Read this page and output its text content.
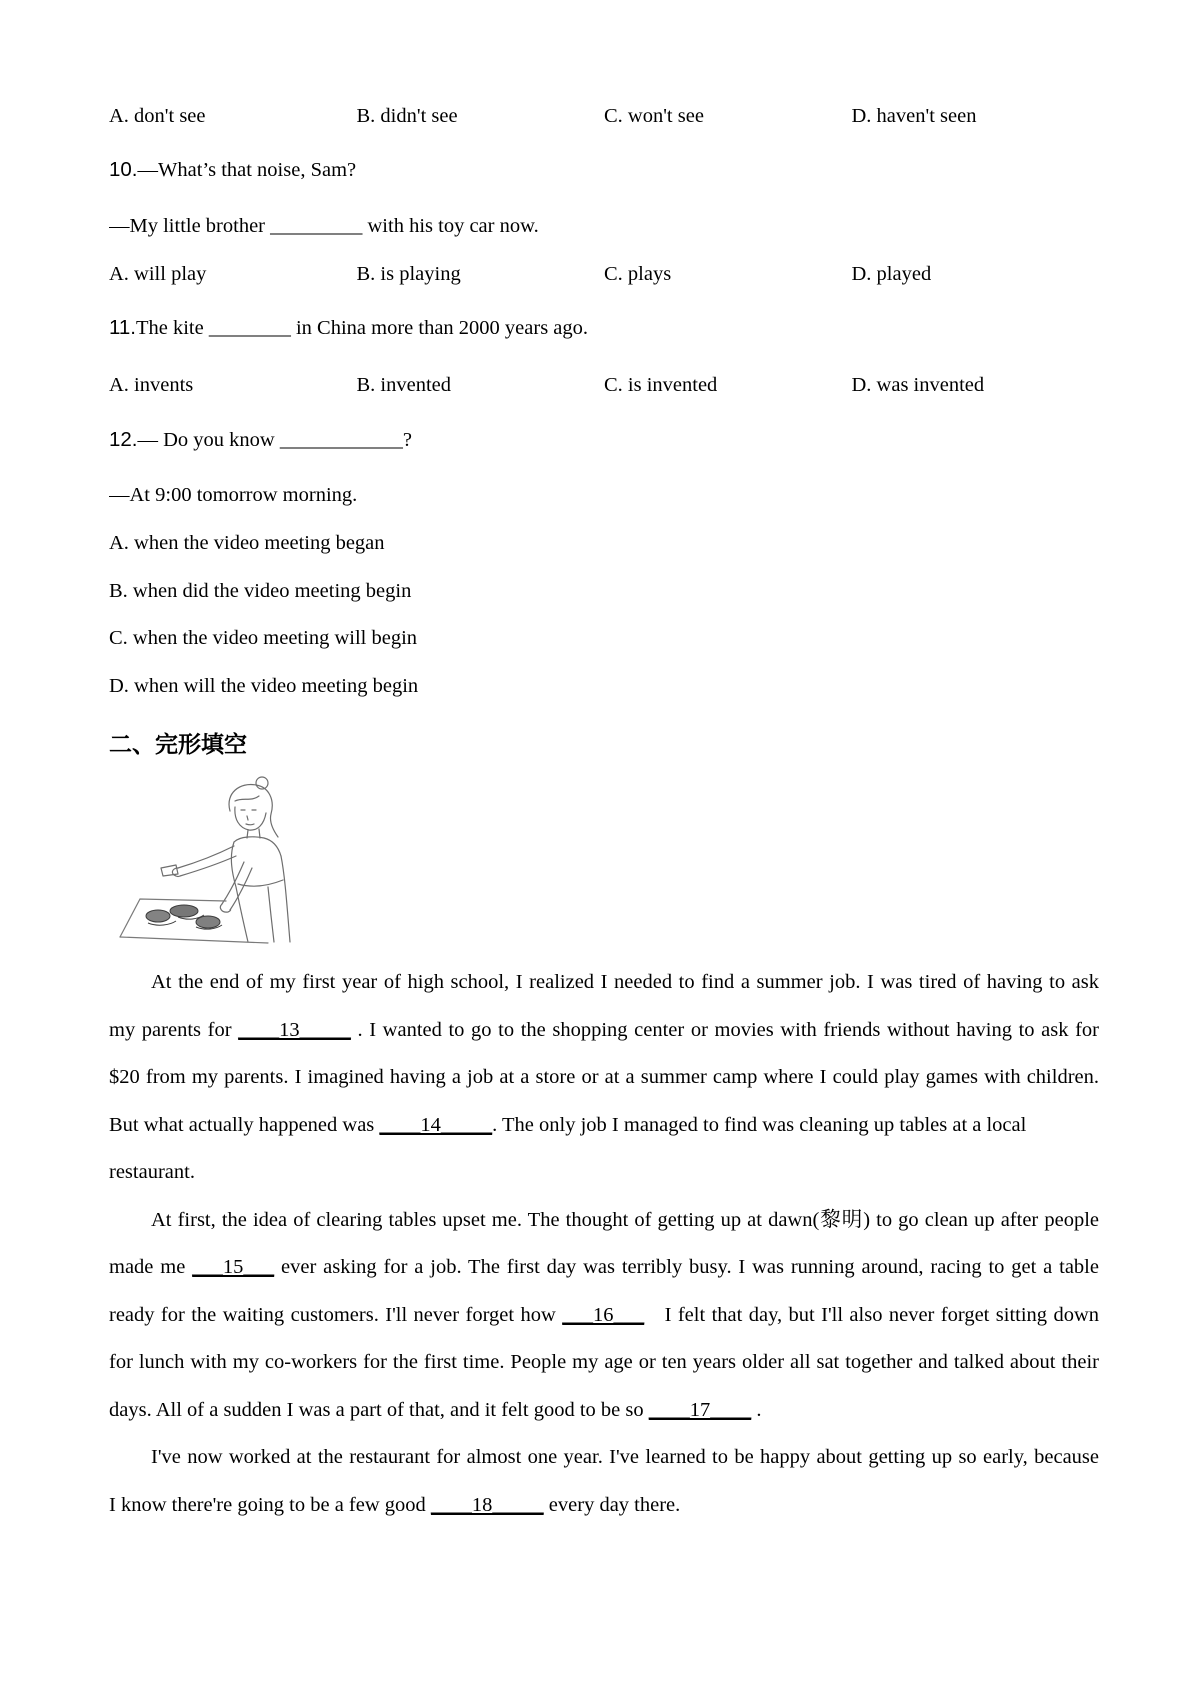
A. don't see	B. didn't see	C. won't see	D. haven't seen
10.—What’s that noise, Sam?
—My little brother _________ with his toy car now.
A. will play	B. is playing	C. plays	D. played
11.The kite ________ in China more than 2000 years ago.
A. invents	B. invented	C. is invented	D. was invented
12.— Do you know ____________?
—At 9:00 tomorrow morning.
A. when the video meeting began
B. when did the video meeting begin
C. when the video meeting will begin
D. when will the video meeting begin
二、完形填空
At the end of my first year of high school, I realized I needed to find a summer job. I was tired of having to ask
my parents for ____13_____ . I wanted to go to the shopping center or movies with friends without having to ask for
$20 from my parents. I imagined having a job at a store or at a summer camp where I could play games with children.
But what actually happened was ____14_____. The only job I managed to find was cleaning up tables at a local
restaurant.
At first, the idea of clearing tables upset me. The thought of getting up at dawn(黎明) to go clean up after people
made me ___15___ ever asking for a job. The first day was terribly busy. I was running around, racing to get a table
ready for the waiting customers. I'll never forget how ___16___ I felt that day, but I'll also never forget sitting down
for lunch with my co-workers for the first time. People my age or ten years older all sat together and talked about their
days. All of a sudden I was a part of that, and it felt good to be so ____17____ .
I've now worked at the restaurant for almost one year. I've learned to be happy about getting up so early, because
I know there're going to be a few good ____18_____ every day there.
